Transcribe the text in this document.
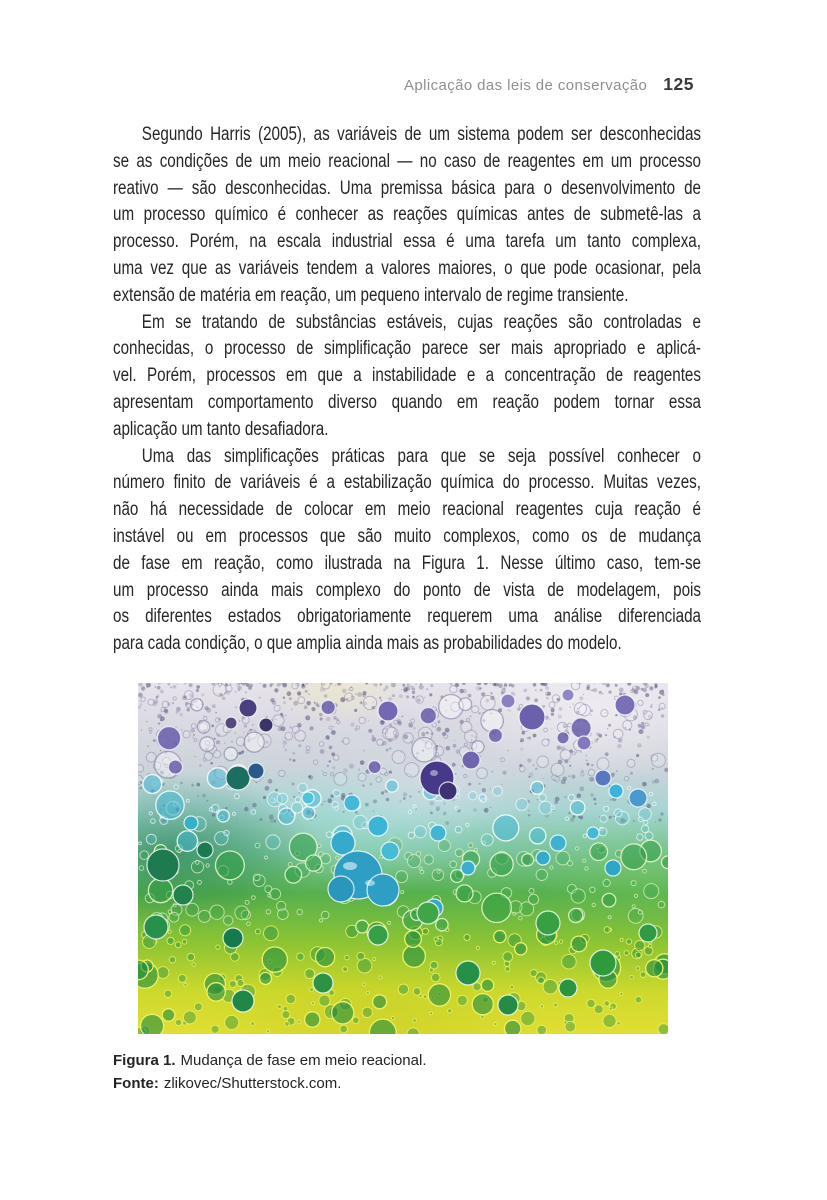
Aplicação das leis de conservação 125
Segundo Harris (2005), as variáveis de um sistema podem ser desconhecidas
se as condições de um meio reacional — no caso de reagentes em um processo
reativo — são desconhecidas. Uma premissa básica para o desenvolvimento de
um processo químico é conhecer as reações químicas antes de submetê-las a
processo. Porém, na escala industrial essa é uma tarefa um tanto complexa,
uma vez que as variáveis tendem a valores maiores, o que pode ocasionar, pela
extensão de matéria em reação, um pequeno intervalo de regime transiente.
Em se tratando de substâncias estáveis, cujas reações são controladas e
conhecidas, o processo de simplificação parece ser mais apropriado e aplicá-
vel. Porém, processos em que a instabilidade e a concentração de reagentes
apresentam comportamento diverso quando em reação podem tornar essa
aplicação um tanto desafiadora.
Uma das simplificações práticas para que se seja possível conhecer o
número finito de variáveis é a estabilização química do processo. Muitas vezes,
não há necessidade de colocar em meio reacional reagentes cuja reação é
instável ou em processos que são muito complexos, como os de mudança
de fase em reação, como ilustrada na Figura 1. Nesse último caso, tem-se
um processo ainda mais complexo do ponto de vista de modelagem, pois
os diferentes estados obrigatoriamente requerem uma análise diferenciada
para cada condição, o que amplia ainda mais as probabilidades do modelo.
Figura 1. Mudança de fase em meio reacional.
Fonte: zlikovec/Shutterstock.com.
